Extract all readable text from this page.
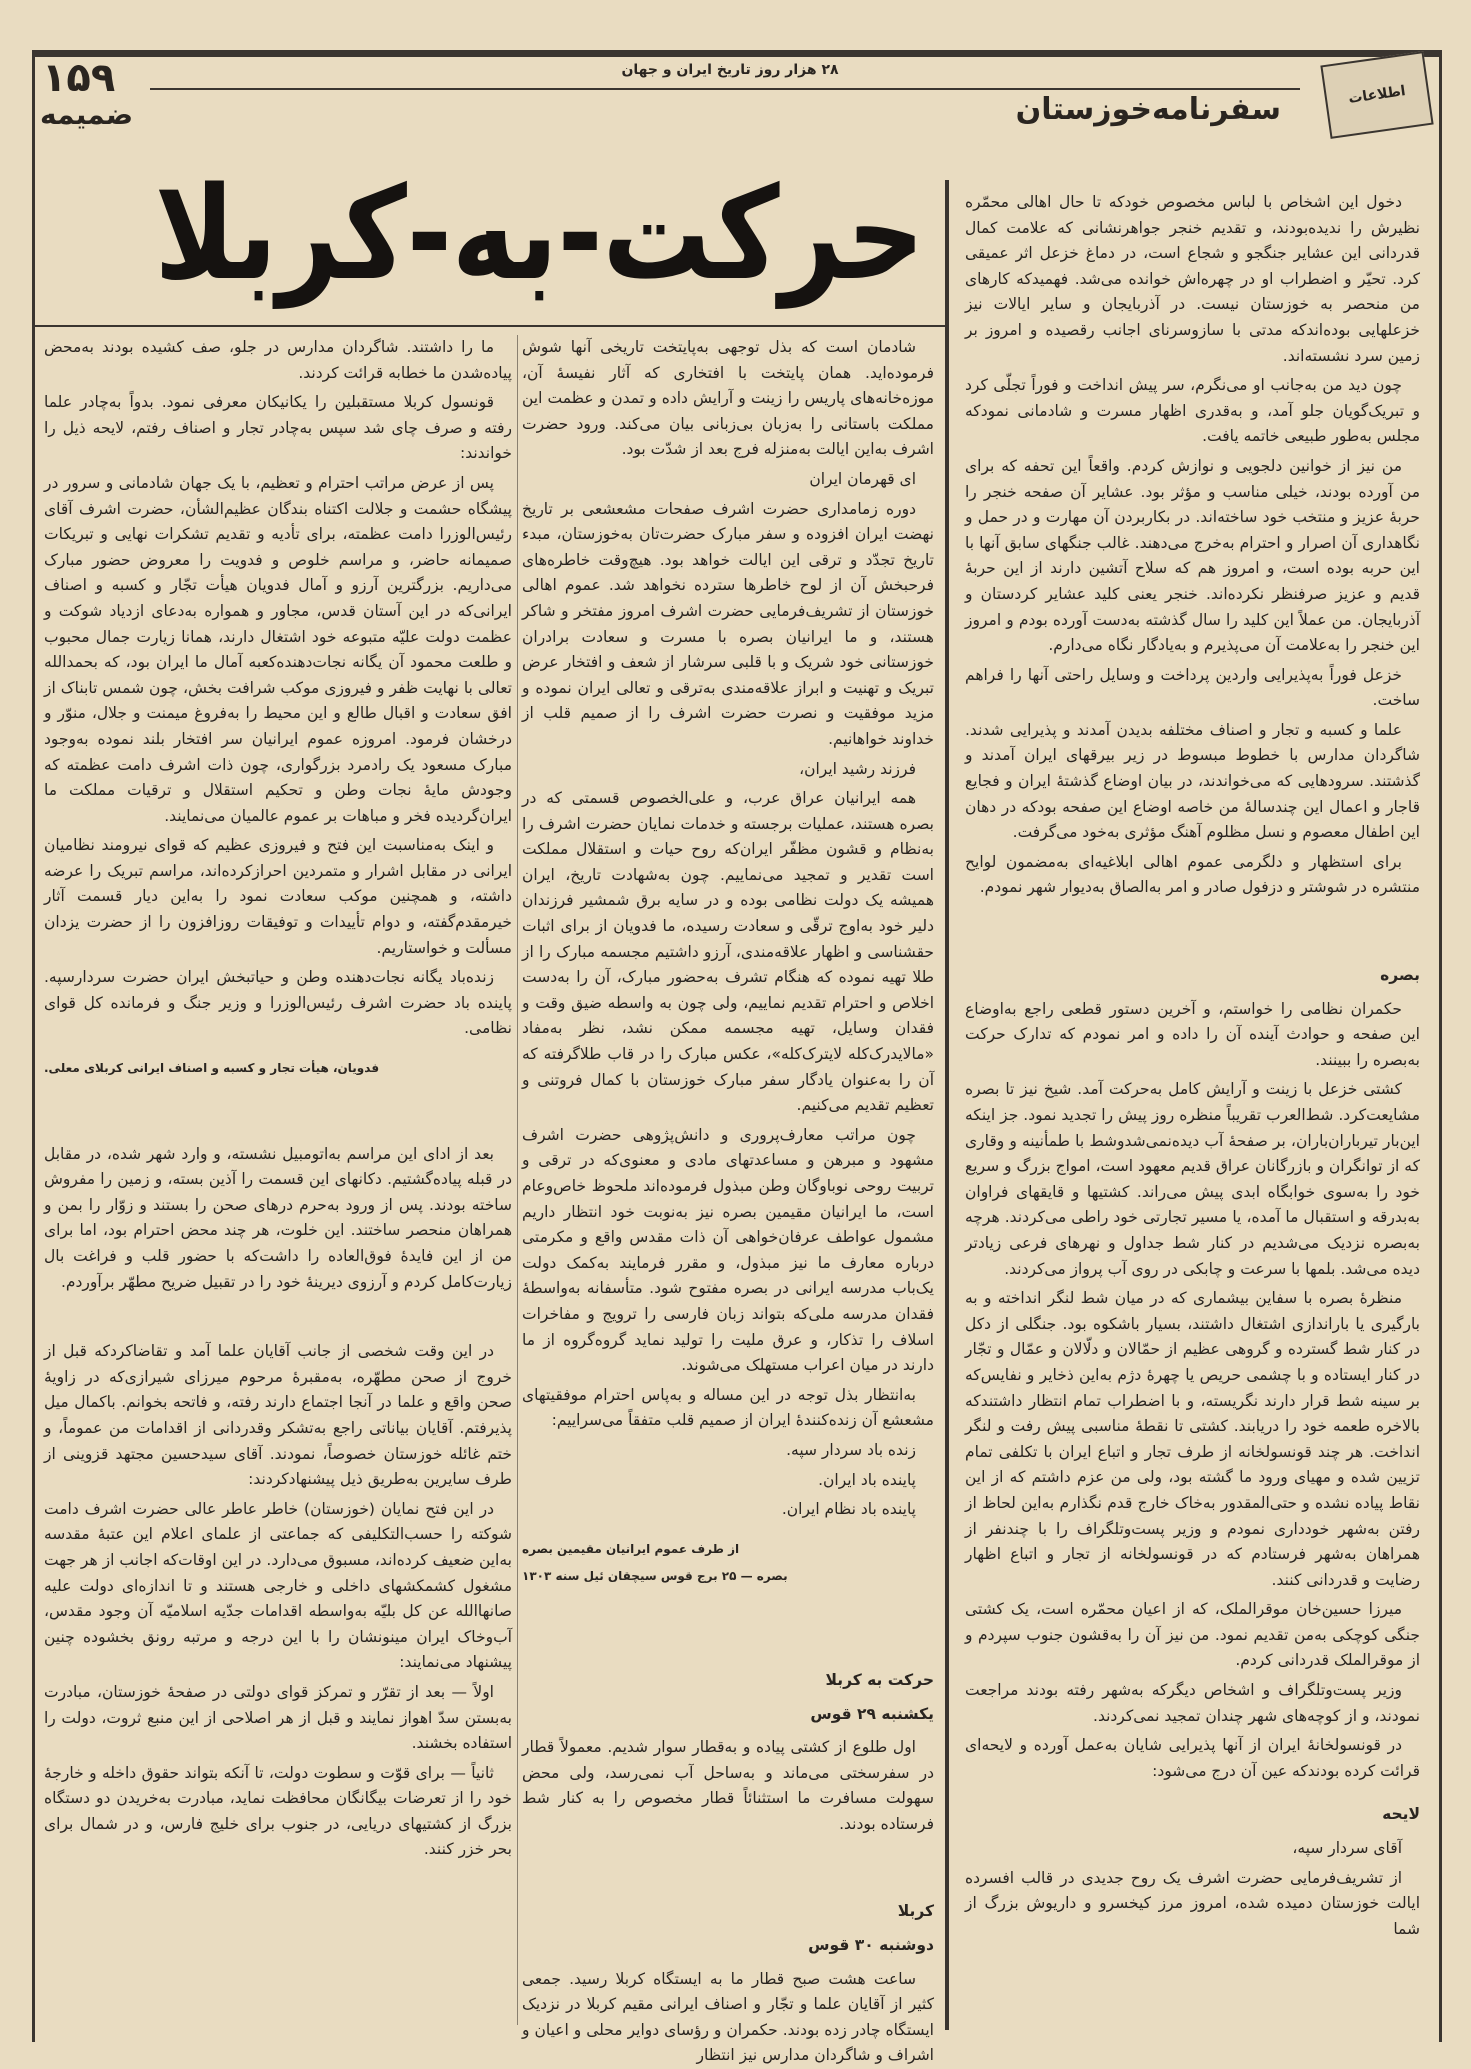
۲۸ هزار روز تاریخ ایران و جهان
سفرنامه‌خوزستان	اطلاعات
۱۵۹
ضمیمه
حرکت-به-کربلا	دخول این اشخاص با لباس مخصوص خودکه تا حال اهالی محمّره نظیرش را ندیده‌بودند، و تقدیم خنجر جواهرنشانی که علامت کمال قدردانی این عشایر جنگجو و شجاع است، در دماغ خزعل اثر عمیقی کرد. تحیّر و اضطراب او در چهره‌اش خوانده می‌شد. فهمیدکه کارهای من منحصر به خوزستان نیست. در آذربایجان و سایر ایالات نیز خزعلهایی بوده‌اندکه مدتی با سازوسرنای اجانب رقصیده و امروز بر زمین سرد نشسته‌اند.

چون دید من به‌جانب او می‌نگرم، سر پیش انداخت و فوراً تجلّی کرد و تبریک‌گویان جلو آمد، و به‌قدری اظهار مسرت و شادمانی نمودکه مجلس به‌طور طبیعی خاتمه یافت.

من نیز از خوانین دلجویی و نوازش کردم. واقعاً این تحفه که برای من آورده بودند، خیلی مناسب و مؤثر بود. عشایر آن صفحه خنجر را حربهٔ عزیز و منتخب خود ساخته‌اند. در بکاربردن آن مهارت و در حمل و نگاهداری آن اصرار و احترام به‌خرج می‌دهند. غالب جنگهای سابق آنها با این حربه بوده است، و امروز هم که سلاح آتشین دارند از این حربهٔ قدیم و عزیز صرفنظر نکرده‌اند. خنجر یعنی کلید عشایر کردستان و آذربایجان. من عملاً این کلید را سال گذشته به‌دست آورده بودم و امروز این خنجر را به‌علامت آن می‌پذیرم و به‌یادگار نگاه می‌دارم.

خزعل فوراً به‌پذیرایی واردین پرداخت و وسایل راحتی آنها را فراهم ساخت.

علما و کسبه و تجار و اصناف مختلفه بدیدن آمدند و پذیرایی شدند. شاگردان مدارس با خطوط مبسوط در زیر بیرقهای ایران آمدند و گذشتند. سرودهایی که می‌خواندند، در بیان اوضاع گذشتهٔ ایران و فجایع قاجار و اعمال این چندسالهٔ من خاصه اوضاع این صفحه بودکه در دهان این اطفال معصوم و نسل مظلوم آهنگ مؤثری به‌خود می‌گرفت.

برای استظهار و دلگرمی عموم اهالی ابلاغیه‌ای به‌مضمون لوایح منتشره در شوشتر و دزفول صادر و امر به‌الصاق به‌دیوار شهر نمودم.

بصره

حکمران نظامی را خواستم، و آخرین دستور قطعی راجع به‌اوضاع این صفحه و حوادث آینده آن را داده و امر نمودم که تدارک حرکت به‌بصره را ببینند.

کشتی خزعل با زینت و آرایش کامل به‌حرکت آمد. شیخ نیز تا بصره مشایعت‌کرد. شط‌العرب تقریباً منظره روز پیش را تجدید نمود. جز اینکه این‌بار تیرباران‌باران، بر صفحهٔ آب دیده‌نمی‌شدوشط با طمأنینه و وقاری که از توانگران و بازرگانان عراق قدیم معهود است، امواج بزرگ و سریع خود را به‌سوی خوابگاه ابدی پیش می‌راند. کشتیها و قایقهای فراوان به‌بدرقه و استقبال ما آمده، یا مسیر تجارتی خود راطی می‌کردند. هرچه به‌بصره نزدیک می‌شدیم در کنار شط جداول و نهرهای فرعی زیادتر دیده می‌شد. بلمها با سرعت و چابکی در روی آب پرواز می‌کردند.

منظرهٔ بصره با سفاین بیشماری که در میان شط لنگر انداخته و به بارگیری یا باراندازی اشتغال داشتند، بسیار باشکوه بود. جنگلی از دکل در کنار شط گسترده و گروهی عظیم از حمّالان و دلّالان و عمّال و تجّار در کنار ایستاده و با چشمی حریص یا چهرهٔ دژم به‌این ذخایر و نفایس‌که بر سینه شط قرار دارند نگریسته، و با اضطراب تمام انتظار داشتندکه بالاخره طعمه خود را دریابند. کشتی تا نقطهٔ مناسبی پیش رفت و لنگر انداخت. هر چند قونسولخانه از طرف تجار و اتباع ایران با تکلفی تمام تزیین شده و مهیای ورود ما گشته بود، ولی من عزم داشتم که از این نقاط پیاده نشده و حتی‌المقدور به‌خاک خارج قدم نگذارم به‌این لحاظ از رفتن به‌شهر خودداری نمودم و وزیر پست‌وتلگراف را با چندنفر از همراهان به‌شهر فرستادم که در قونسولخانه از تجار و اتباع اظهار رضایت و قدردانی کنند.

میرزا حسین‌خان موقرالملک، که از اعیان محمّره است، یک کشتی جنگی کوچکی به‌من تقدیم نمود. من نیز آن را به‌قشون جنوب سپردم و از موقرالملک قدردانی کردم.

وزیر پست‌وتلگراف و اشخاص دیگرکه به‌شهر رفته بودند مراجعت نمودند، و از کوچه‌های شهر چندان تمجید نمی‌کردند.

در قونسولخانهٔ ایران از آنها پذیرایی شایان به‌عمل آورده و لایحه‌ای قرائت کرده بودندکه عین آن درج می‌شود:

لایحه

آقای سردار سپه،

از تشریف‌فرمایی حضرت اشرف یک روح جدیدی در قالب افسرده ایالت خوزستان دمیده شده، امروز مرز کیخسرو و داریوش بزرگ از شما

شادمان است که بذل توجهی به‌پایتخت تاریخی آنها شوش فرموده‌اید. همان پایتخت با افتخاری که آثار نفیسهٔ آن، موزه‌خانه‌های پاریس را زینت و آرایش داده و تمدن و عظمت این مملکت باستانی را به‌زبان بی‌زبانی بیان می‌کند. ورود حضرت اشرف به‌این ایالت به‌منزله فرج بعد از شدّت بود.

ای قهرمان ایران

دوره زمامداری حضرت اشرف صفحات مشعشعی بر تاریخ نهضت ایران افزوده و سفر مبارک حضرت‌تان به‌خوزستان، مبدء تاریخ تجدّد و ترقی این ایالت خواهد بود. هیچ‌وقت خاطره‌های فرحبخش آن از لوح خاطرها سترده نخواهد شد. عموم اهالی خوزستان از تشریف‌فرمایی حضرت اشرف امروز مفتخر و شاکر هستند، و ما ایرانیان بصره با مسرت و سعادت برادران خوزستانی خود شریک و با قلبی سرشار از شعف و افتخار عرض تبریک و تهنیت و ابراز علاقه‌مندی به‌ترقی و تعالی ایران نموده و مزید موفقیت و نصرت حضرت اشرف را از صمیم قلب از خداوند خواهانیم.

فرزند رشید ایران،

همه ایرانیان عراق عرب، و علی‌الخصوص قسمتی که در بصره هستند، عملیات برجسته و خدمات نمایان حضرت اشرف را به‌نظام و قشون مظفّر ایران‌که روح حیات و استقلال مملکت است تقدیر و تمجید می‌نماییم. چون به‌شهادت تاریخ، ایران همیشه یک دولت نظامی بوده و در سایه برق شمشیر فرزندان دلیر خود به‌اوج ترقّی و سعادت رسیده، ما فدویان از برای اثبات حقشناسی و اظهار علاقه‌مندی، آرزو داشتیم مجسمه مبارک را از طلا تهیه نموده که هنگام تشرف به‌حضور مبارک، آن را به‌دست اخلاص و احترام تقدیم نماییم، ولی چون به واسطه ضیق وقت و فقدان وسایل، تهیه مجسمه ممکن نشد، نظر به‌مفاد «مالایدرک‌کله لایترک‌کله»، عکس مبارک را در قاب طلاگرفته که آن را به‌عنوان یادگار سفر مبارک خوزستان با کمال فروتنی و تعظیم تقدیم می‌کنیم.

چون مراتب معارف‌پروری و دانش‌پژوهی حضرت اشرف مشهود و مبرهن و مساعدتهای مادی و معنوی‌که در ترقی و تربیت روحی نوباوگان وطن مبذول فرموده‌اند ملحوظ خاص‌وعام است، ما ایرانیان مقیمین بصره نیز به‌نوبت خود انتظار داریم مشمول عواطف عرفان‌خواهی آن ذات مقدس واقع و مکرمتی درباره معارف ما نیز مبذول، و مقرر فرمایند به‌کمک دولت یک‌باب مدرسه ایرانی در بصره مفتوح شود. متأسفانه به‌واسطهٔ فقدان مدرسه ملی‌که بتواند زبان فارسی را ترویج و مفاخرات اسلاف را تذکار، و عرق ملیت را تولید نماید گروه‌گروه از ما دارند در میان اعراب مستهلک می‌شوند.

به‌انتظار بذل توجه در این مساله و به‌پاس احترام موفقیتهای مشعشع آن زنده‌کنندهٔ ایران از صمیم قلب متفقاً می‌سراییم:

زنده باد سردار سپه.

پاینده باد ایران.

پاینده باد نظام ایران.

از طرف عموم ایرانیان مقیمین بصره

بصره — ۲۵ برج قوس سیچقان ئیل سنه ۱۳۰۳

حرکت به کربلا

یکشنبه ۲۹ قوس

اول طلوع از کشتی پیاده و به‌قطار سوار شدیم. معمولاً قطار در سفرسختی می‌ماند و به‌ساحل آب نمی‌رسد، ولی محض سهولت مسافرت ما استثنائاً قطار مخصوص را به کنار شط فرستاده بودند.

کربلا

دوشنبه ۳۰ قوس

ساعت هشت صبح قطار ما به ایستگاه کربلا رسید. جمعی کثیر از آقایان علما و تجّار و اصناف ایرانی مقیم کربلا در نزدیک ایستگاه چادر زده بودند. حکمران و رؤسای دوایر محلی و اعیان و اشراف و شاگردان مدارس نیز انتظار

ما را داشتند. شاگردان مدارس در جلو، صف کشیده بودند به‌محض پیاده‌شدن ما خطابه قرائت کردند.

قونسول کربلا مستقبلین را یکانیکان معرفی نمود. بدواً به‌چادر علما رفته و صرف چای شد سپس به‌چادر تجار و اصناف رفتم، لایحه ذیل را خواندند:

پس از عرض مراتب احترام و تعظیم، با یک جهان شادمانی و سرور در پیشگاه حشمت و جلالت اکتناه بندگان عظیم‌الشأن، حضرت اشرف آقای رئیس‌الوزرا دامت عظمته، برای تأدیه و تقدیم تشکرات نهایی و تبریکات صمیمانه حاضر، و مراسم خلوص و فدویت را معروض حضور مبارک می‌داریم. بزرگترین آرزو و آمال فدویان هیأت تجّار و کسبه و اصناف ایرانی‌که در این آستان قدس، مجاور و همواره به‌دعای ازدیاد شوکت و عظمت دولت علیّه متبوعه خود اشتغال دارند، همانا زیارت جمال محبوب و طلعت محمود آن یگانه نجات‌دهنده‌کعبه آمال ما ایران بود، که بحمدالله تعالی با نهایت ظفر و فیروزی موکب شرافت بخش، چون شمس تابناک از افق سعادت و اقبال طالع و این محیط را به‌فروغ میمنت و جلال، منوّر و درخشان فرمود. امروزه عموم ایرانیان سر افتخار بلند نموده به‌وجود مبارک مسعود یک رادمرد بزرگواری، چون ذات اشرف دامت عظمته که وجودش مایهٔ نجات وطن و تحکیم استقلال و ترقیات مملکت ما ایران‌گردیده فخر و مباهات بر عموم عالمیان می‌نمایند.

و اینک به‌مناسبت این فتح و فیروزی عظیم که قوای نیرومند نظامیان ایرانی در مقابل اشرار و متمردین احرازکرده‌اند، مراسم تبریک را عرضه داشته، و همچنین موکب سعادت نمود را به‌این دیار قسمت آثار خیرمقدم‌گفته، و دوام تأییدات و توفیقات روزافزون را از حضرت یزدان مسألت و خواستاریم.

زنده‌باد یگانه نجات‌دهنده وطن و حیاتبخش ایران حضرت سردارسپه. پاینده باد حضرت اشرف رئیس‌الوزرا و وزیر جنگ و فرمانده کل قوای نظامی.

فدویان، هیأت تجار و کسبه و اصناف ایرانی کربلای معلی.

بعد از ادای این مراسم به‌اتومبیل نشسته، و وارد شهر شده، در مقابل در قبله پیاده‌گشتیم. دکانهای این قسمت را آذین بسته، و زمین را مفروش ساخته بودند. پس از ورود به‌حرم درهای صحن را بستند و زوّار را بمن و همراهان منحصر ساختند. این خلوت، هر چند محض احترام بود، اما برای من از این فایدهٔ فوق‌العاده را داشت‌که با حضور قلب و فراغت بال زیارت‌کامل کردم و آرزوی دیرینهٔ خود را در تقبیل ضریح مطهّر برآوردم.

در این وقت شخصی از جانب آقایان علما آمد و تقاضاکردکه قبل از خروج از صحن مطهّره، به‌مقبرهٔ مرحوم میرزای شیرازی‌که در زاویهٔ صحن واقع و علما در آنجا اجتماع دارند رفته، و فاتحه بخوانم. باکمال میل پذیرفتم. آقایان بیاناتی راجع به‌تشکر وقدردانی از اقدامات من عموماً، و ختم غائله خوزستان خصوصاً، نمودند. آقای سیدحسین مجتهد قزوینی از طرف سایرین به‌طریق ذیل پیشنهادکردند:

در این فتح نمایان (خوزستان) خاطر عاطر عالی حضرت اشرف دامت شوکته را حسب‌التکلیفی که جماعتی از علمای اعلام این عتبهٔ مقدسه به‌این ضعیف کرده‌اند، مسبوق می‌دارد. در این اوقات‌که اجانب از هر جهت مشغول کشمکشهای داخلی و خارجی هستند و تا اندازه‌ای دولت علیه صانهاالله عن کل بلیّه به‌واسطه اقدامات جدّیه اسلامیّه آن وجود مقدس، آب‌وخاک ایران مینونشان را با این درجه و مرتبه رونق بخشوده چنین پیشنهاد می‌نمایند:

اولاً — بعد از تقرّر و تمرکز قوای دولتی در صفحهٔ خوزستان، مبادرت به‌بستن سدّ اهواز نمایند و قبل از هر اصلاحی از این منبع ثروت، دولت را استفاده بخشند.

ثانیاً — برای قوّت و سطوت دولت، تا آنکه بتواند حقوق داخله و خارجهٔ خود را از تعرضات بیگانگان محافظت نماید، مبادرت به‌خریدن دو دستگاه بزرگ از کشتیهای دریایی، در جنوب برای خلیج فارس، و در شمال برای بحر خزر کنند.
